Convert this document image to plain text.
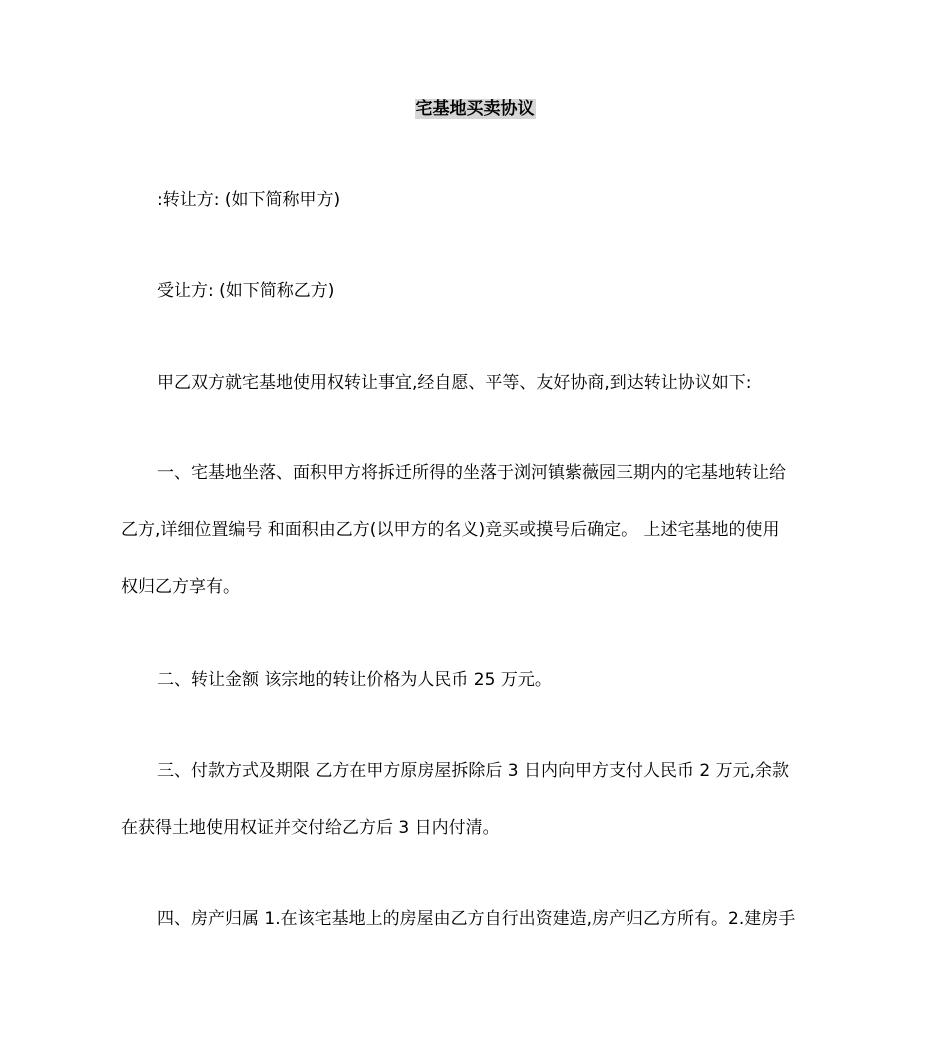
宅基地买卖协议
:转让方: (如下简称甲方)
受让方: (如下简称乙方)
甲乙双方就宅基地使用权转让事宜,经自愿、平等、友好协商,到达转让协议如下:
一、宅基地坐落、面积甲方将拆迁所得的坐落于浏河镇紫薇园三期内的宅基地转让给
乙方,详细位置编号 和面积由乙方(以甲方的名义)竞买或摸号后确定。 上述宅基地的使用
权归乙方享有。
二、转让金额 该宗地的转让价格为人民币 25 万元。
三、付款方式及期限 乙方在甲方原房屋拆除后 3 日内向甲方支付人民币 2 万元,余款
在获得土地使用权证并交付给乙方后 3 日内付清。
四、房产归属 1.在该宅基地上的房屋由乙方自行出资建造,房产归乙方所有。2.建房手
